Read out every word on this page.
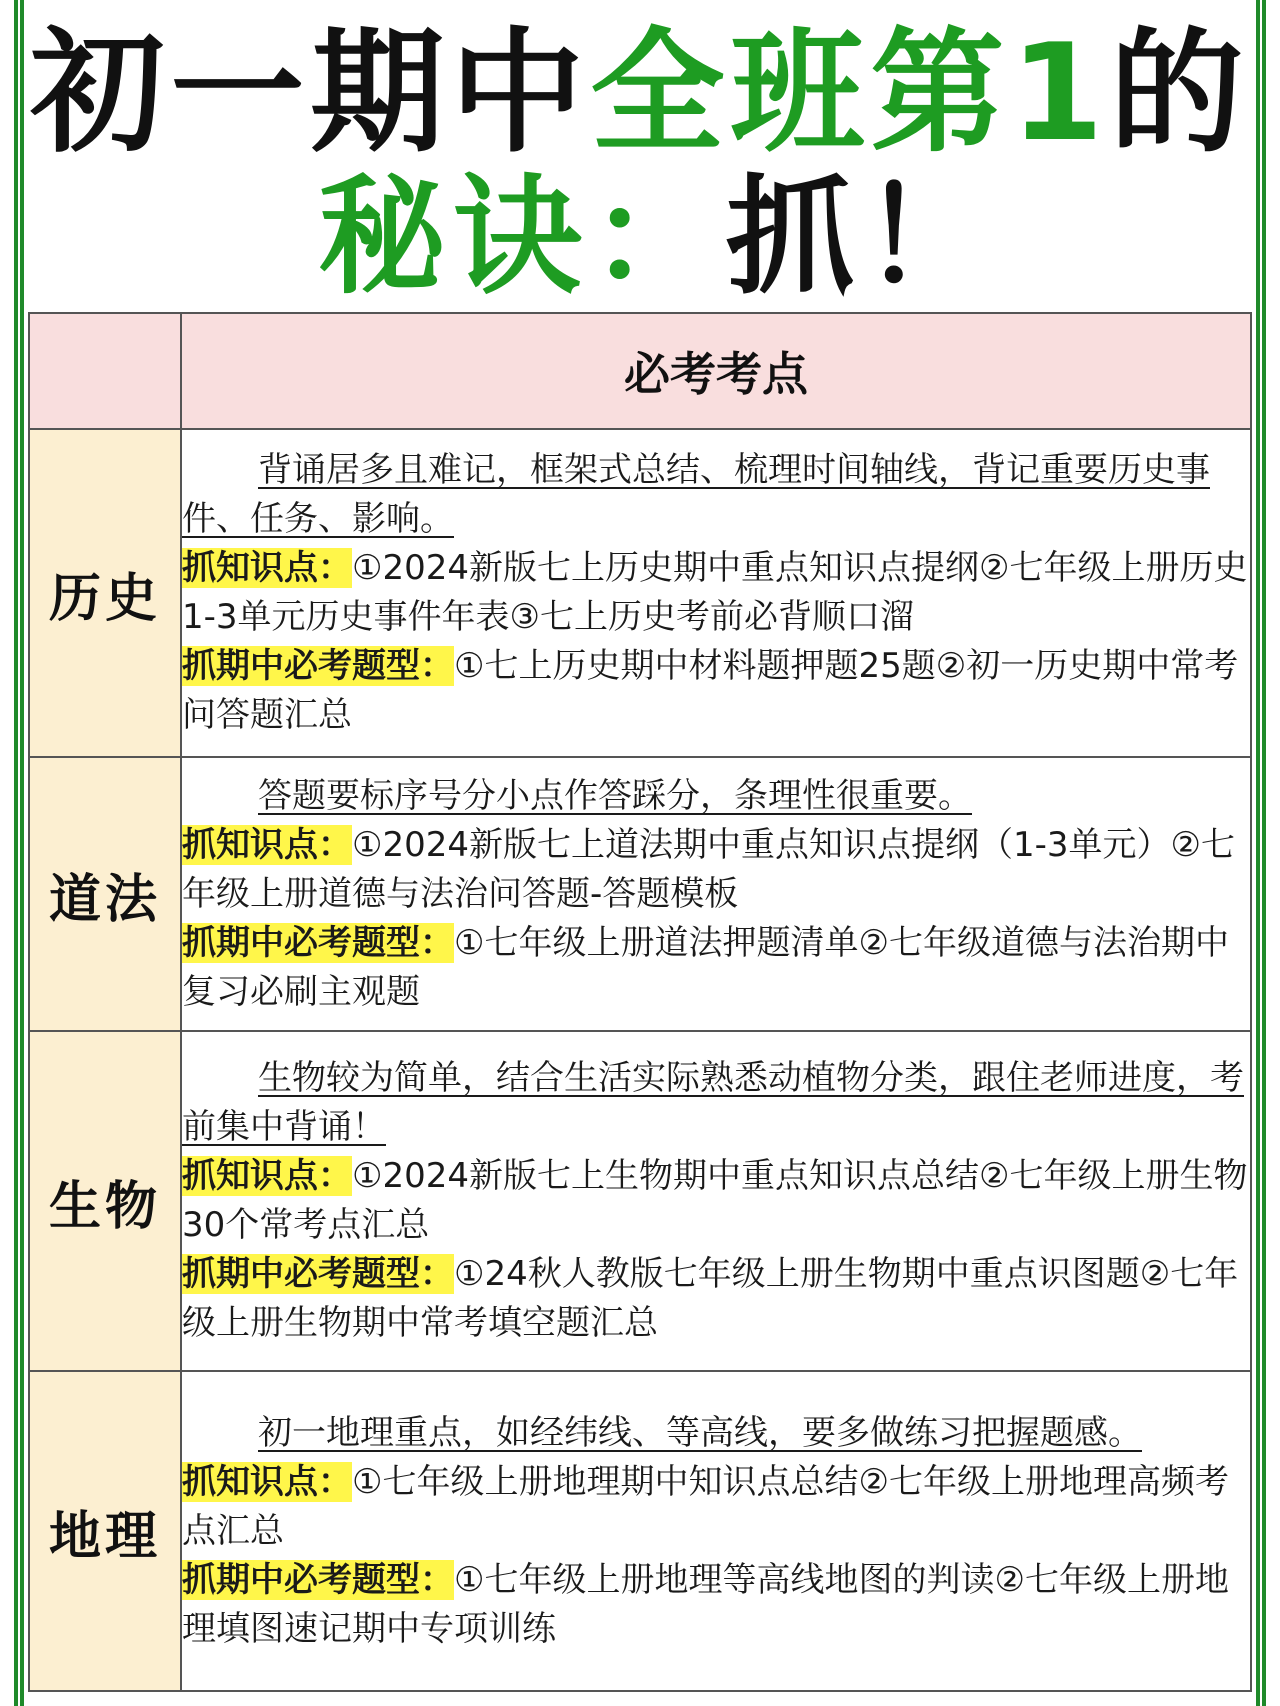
初一期中全班第1的
秘诀：抓！
	必考考点
历史	背诵居多且难记，框架式总结、梳理时间轴线，背记重要历史事件、任务、影响。
抓知识点：①2024新版七上历史期中重点知识点提纲②七年级上册历史1-3单元历史事件年表③七上历史考前必背顺口溜
抓期中必考题型：①七上历史期中材料题押题25题②初一历史期中常考问答题汇总

道法	答题要标序号分小点作答踩分，条理性很重要。
抓知识点：①2024新版七上道法期中重点知识点提纲（1-3单元）②七年级上册道德与法治问答题-答题模板
抓期中必考题型：①七年级上册道法押题清单②七年级道德与法治期中复习必刷主观题

生物	生物较为简单，结合生活实际熟悉动植物分类，跟住老师进度，考前集中背诵！
抓知识点：①2024新版七上生物期中重点知识点总结②七年级上册生物30个常考点汇总
抓期中必考题型：①24秋人教版七年级上册生物期中重点识图题②七年级上册生物期中常考填空题汇总

地理	初一地理重点，如经纬线、等高线，要多做练习把握题感。
抓知识点：①七年级上册地理期中知识点总结②七年级上册地理高频考点汇总
抓期中必考题型：①七年级上册地理等高线地图的判读②七年级上册地理填图速记期中专项训练
